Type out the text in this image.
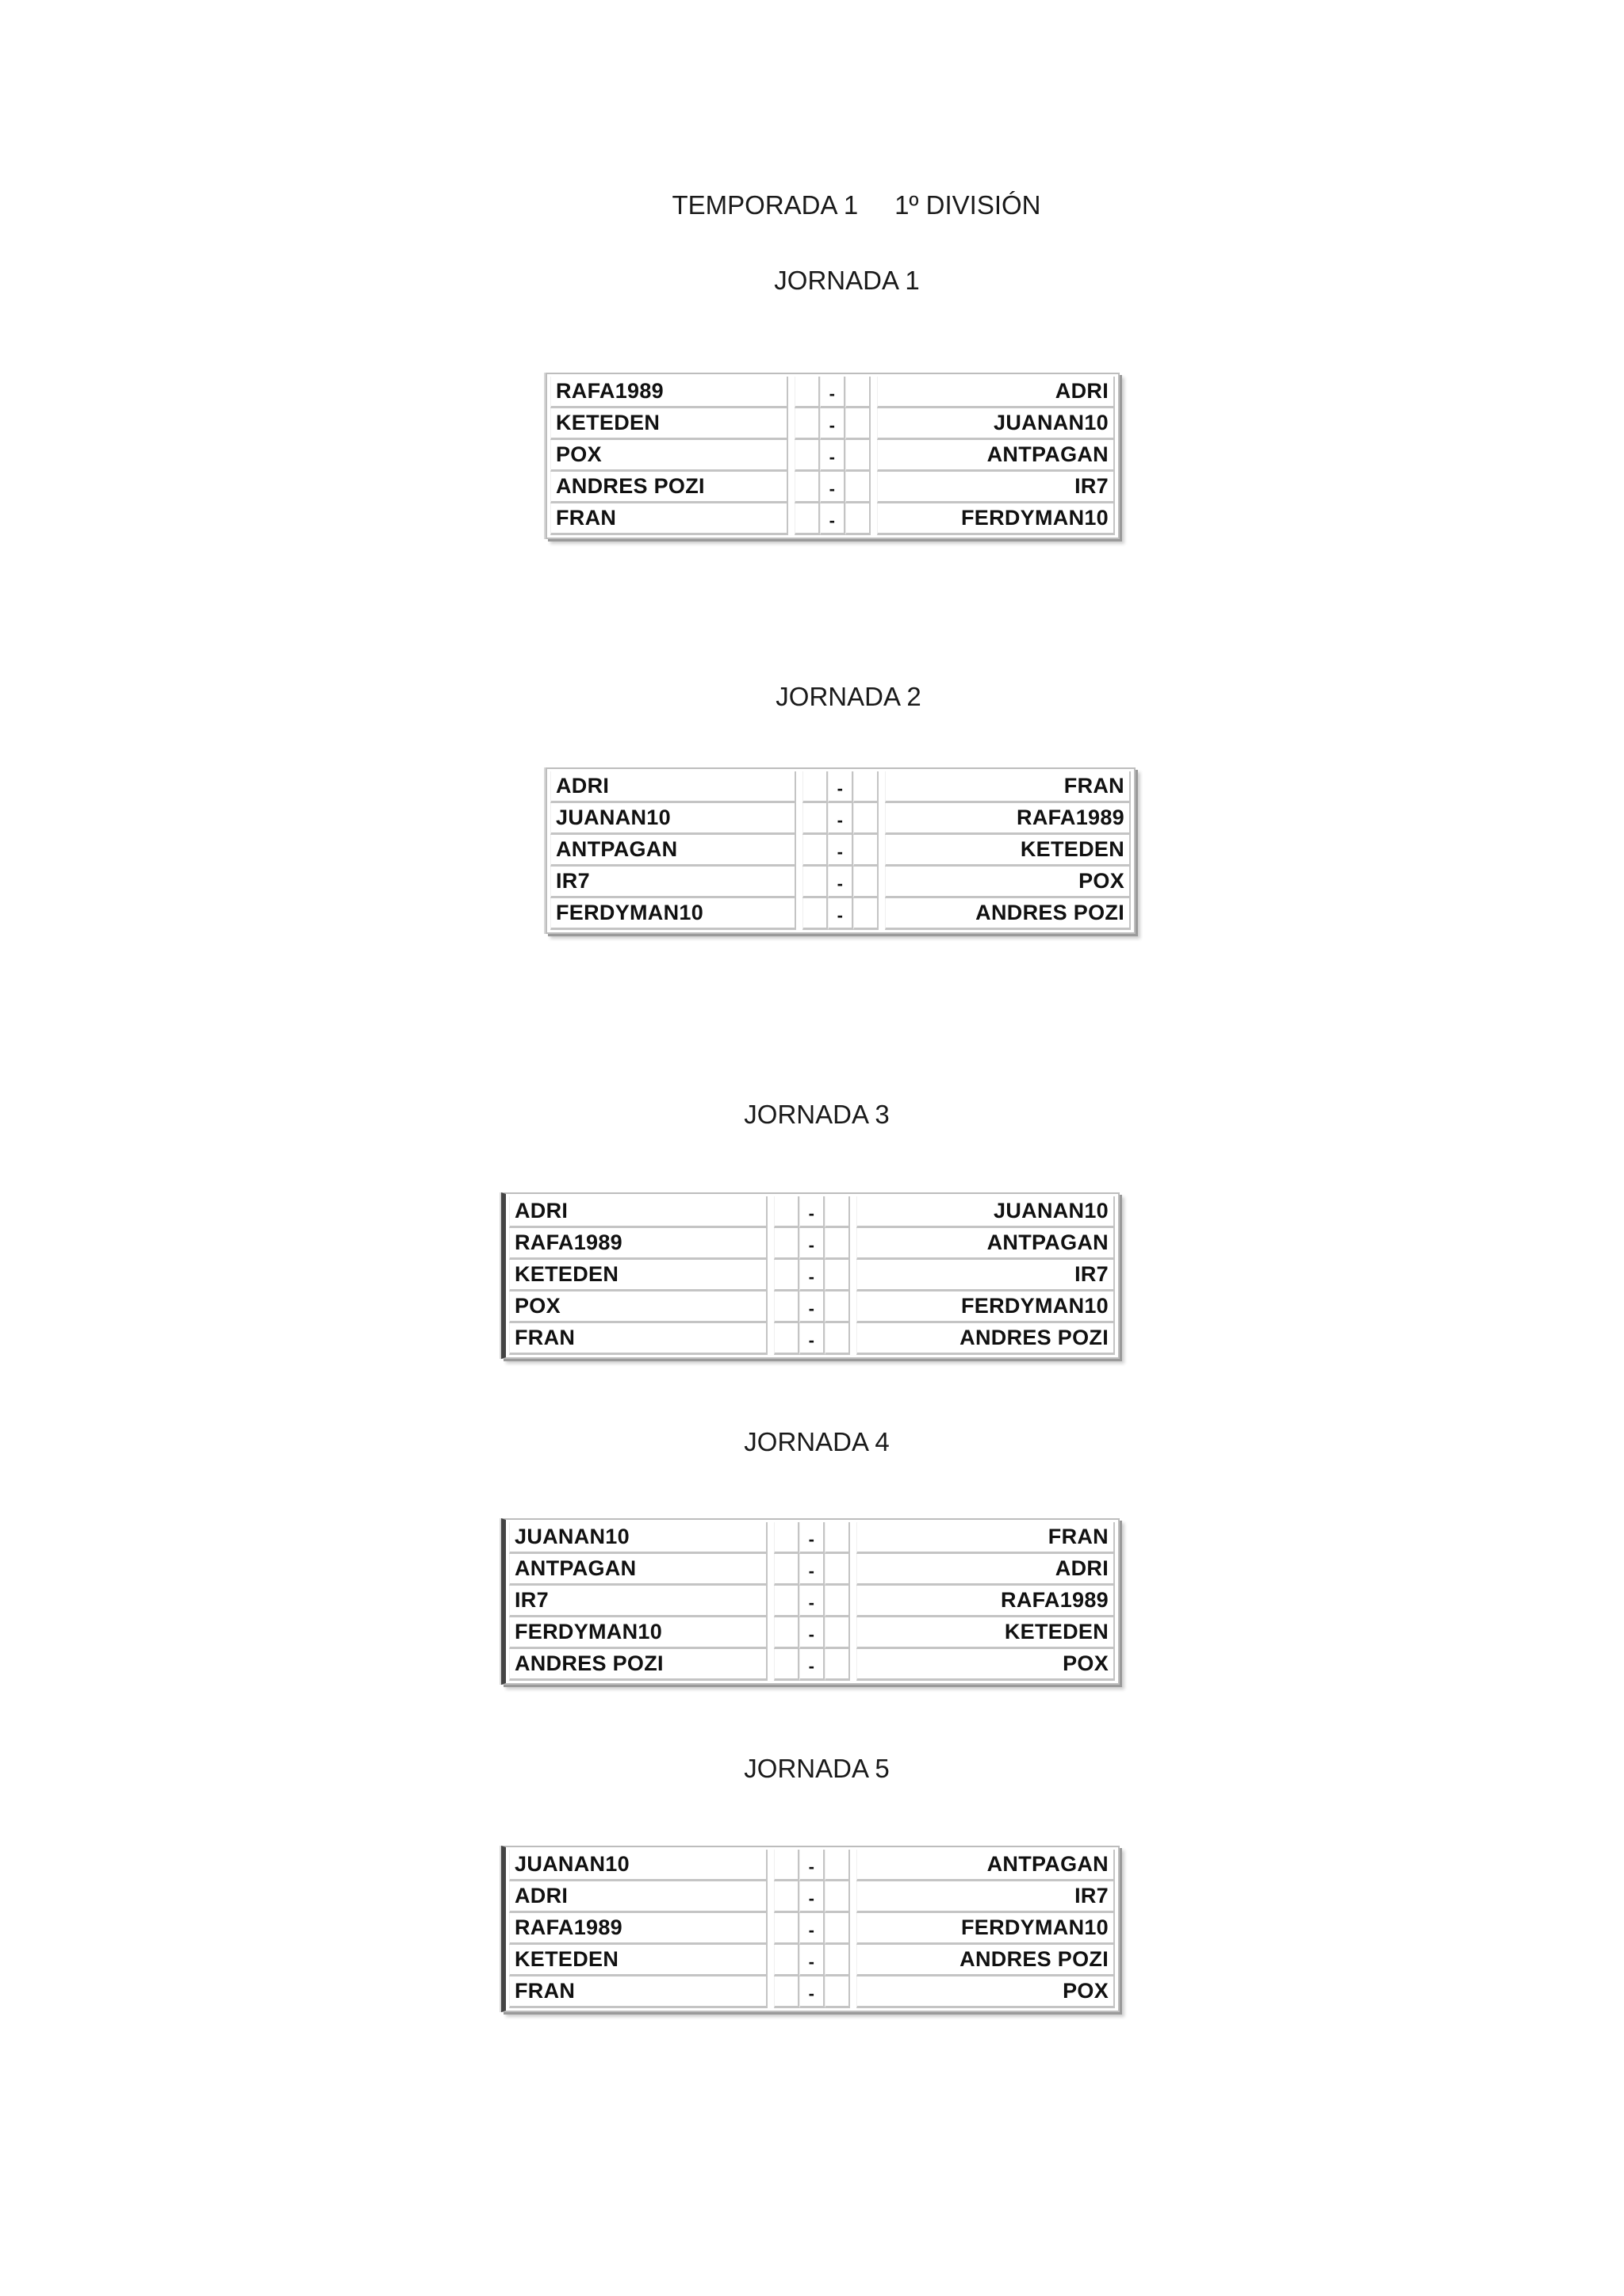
TEMPORADA 1 1º DIVISIÓN
JORNADA 1
RAFA1989	-	ADRI
KETEDEN	-	JUANAN10
POX	-	ANTPAGAN
ANDRES POZI	-	IR7
FRAN	-	FERDYMAN10
JORNADA 2
ADRI	-	FRAN
JUANAN10	-	RAFA1989
ANTPAGAN	-	KETEDEN
IR7	-	POX
FERDYMAN10	-	ANDRES POZI
JORNADA 3
ADRI	-	JUANAN10
RAFA1989	-	ANTPAGAN
KETEDEN	-	IR7
POX	-	FERDYMAN10
FRAN	-	ANDRES POZI
JORNADA 4
JUANAN10	-	FRAN
ANTPAGAN	-	ADRI
IR7	-	RAFA1989
FERDYMAN10	-	KETEDEN
ANDRES POZI	-	POX
JORNADA 5
JUANAN10	-	ANTPAGAN
ADRI	-	IR7
RAFA1989	-	FERDYMAN10
KETEDEN	-	ANDRES POZI
FRAN	-	POX
